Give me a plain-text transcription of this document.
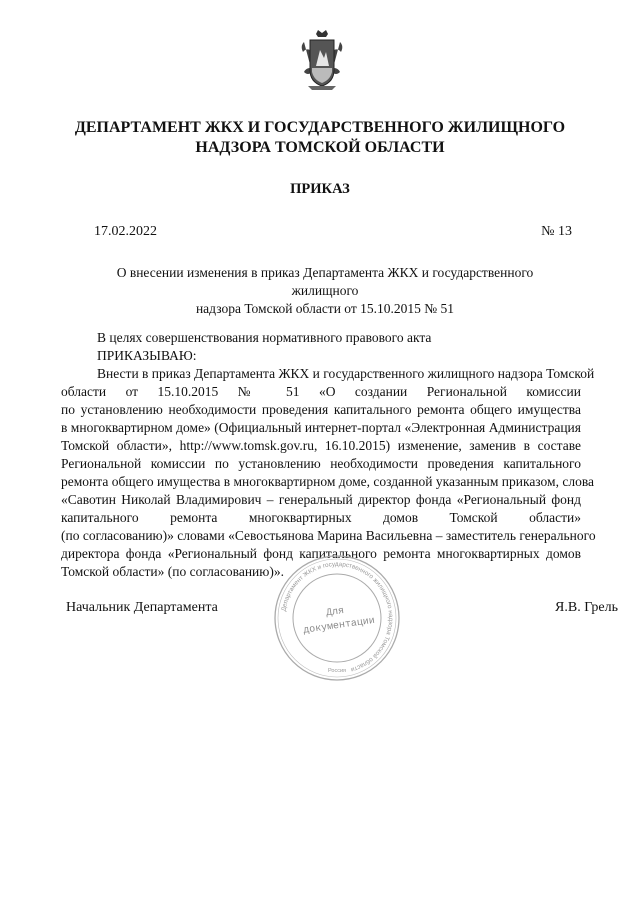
ДЕПАРТАМЕНТ ЖКХ И ГОСУДАРСТВЕННОГО ЖИЛИЩНОГО
НАДЗОРА ТОМСКОЙ ОБЛАСТИ
ПРИКАЗ
17.02.2022	№ 13
О внесении изменения в приказ Департамента ЖКХ и государственного жилищного
надзора Томской области от 15.10.2015 № 51
В целях совершенствования нормативного правового акта
ПРИКАЗЫВАЮ:
Внести в приказ Департамента ЖКХ и государственного жилищного надзора Томской
области от 15.10.2015 № 51 «О создании Региональной комиссии
по установлению необходимости проведения капитального ремонта общего имущества
в многоквартирном доме» (Официальный интернет-портал «Электронная Администрация
Томской области», http://www.tomsk.gov.ru, 16.10.2015) изменение, заменив в составе
Региональной комиссии по установлению необходимости проведения капитального
ремонта общего имущества в многоквартирном доме, созданной указанным приказом, слова
«Савотин Николай Владимирович – генеральный директор фонда «Региональный фонд
капитального ремонта многоквартирных домов Томской области»
(по согласованию)» словами «Севостьянова Марина Васильевна – заместитель генерального
директора фонда «Региональный фонд капитального ремонта многоквартирных домов
Томской области» (по согласованию)».
Начальник Департамента	Департамент ЖКХ и государственного жилищного надзора Томской области
Россия
Для
документации
Я.В. Грель
